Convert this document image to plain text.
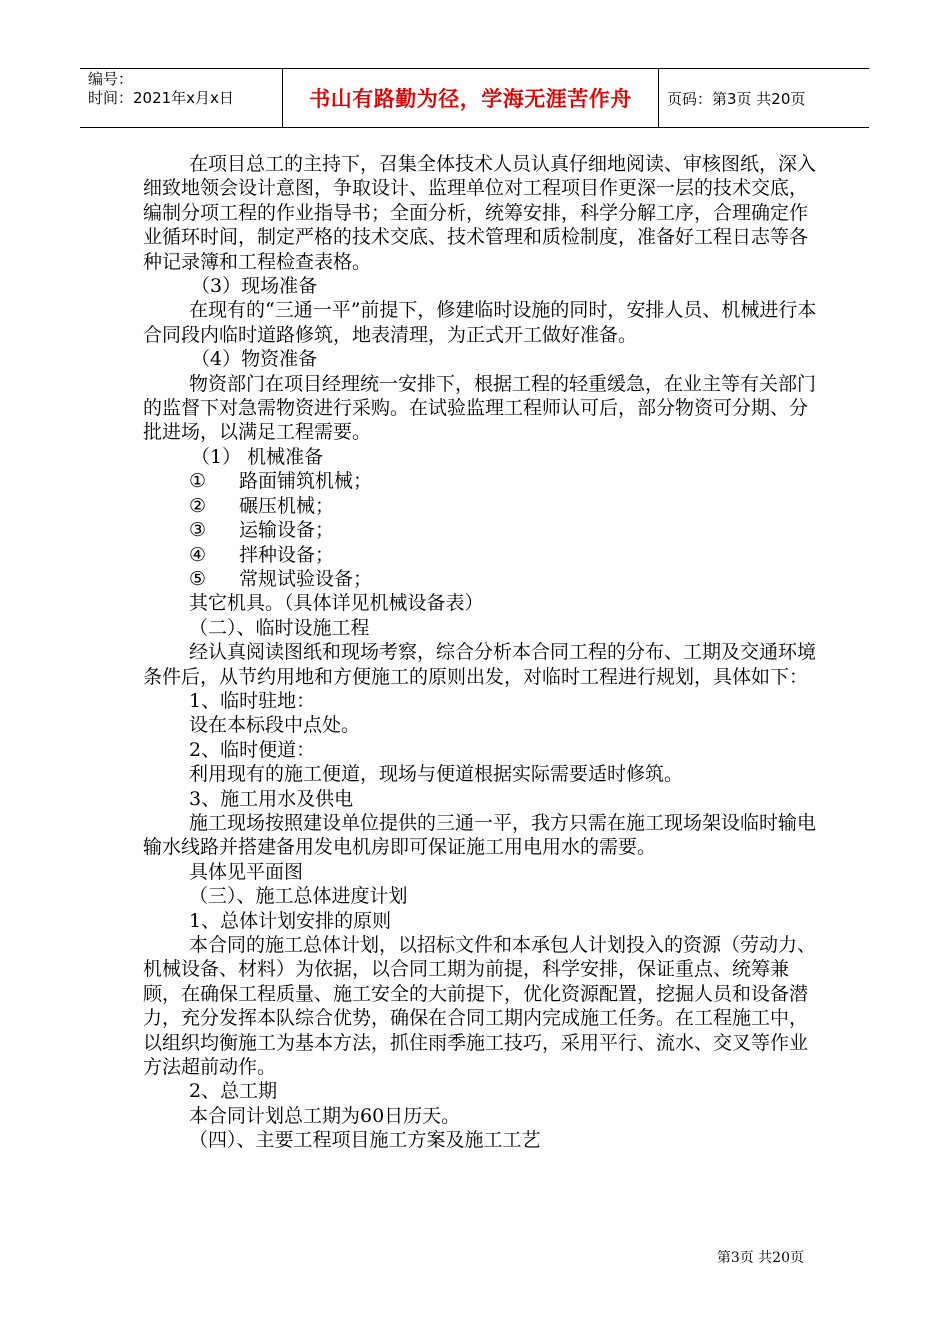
编号：
时间：2021年x月x日	书山有路勤为径，学海无涯苦作舟	页码：第3页 共20页

在项目总工的主持下，召集全体技术人员认真仔细地阅读、审核图纸，深入细致地领会设计意图，争取设计、监理单位对工程项目作更深一层的技术交底，编制分项工程的作业指导书；全面分析，统筹安排，科学分解工序，合理确定作业循环时间，制定严格的技术交底、技术管理和质检制度，准备好工程日志等各种记录簿和工程检查表格。

（3）现场准备

在现有的“三通一平”前提下，修建临时设施的同时，安排人员、机械进行本合同段内临时道路修筑，地表清理，为正式开工做好准备。

（4）物资准备

物资部门在项目经理统一安排下，根据工程的轻重缓急，在业主等有关部门的监督下对急需物资进行采购。在试验监理工程师认可后，部分物资可分期、分批进场，以满足工程需要。

（1） 机械准备

① 路面铺筑机械；

② 碾压机械；

③ 运输设备；

④ 拌种设备；

⑤ 常规试验设备；

其它机具。（具体详见机械设备表）

（二）、临时设施工程

经认真阅读图纸和现场考察，综合分析本合同工程的分布、工期及交通环境条件后，从节约用地和方便施工的原则出发，对临时工程进行规划，具体如下：

1、临时驻地：

设在本标段中点处。

2、临时便道：

利用现有的施工便道，现场与便道根据实际需要适时修筑。

3、施工用水及供电

施工现场按照建设单位提供的三通一平，我方只需在施工现场架设临时输电输水线路并搭建备用发电机房即可保证施工用电用水的需要。

具体见平面图

（三）、施工总体进度计划

1、总体计划安排的原则

本合同的施工总体计划，以招标文件和本承包人计划投入的资源（劳动力、机械设备、材料）为依据，以合同工期为前提，科学安排，保证重点、统筹兼顾，在确保工程质量、施工安全的大前提下，优化资源配置，挖掘人员和设备潜力，充分发挥本队综合优势，确保在合同工期内完成施工任务。在工程施工中，以组织均衡施工为基本方法，抓住雨季施工技巧，采用平行、流水、交叉等作业方法超前动作。

2、总工期

本合同计划总工期为60日历天。

（四）、主要工程项目施工方案及施工工艺

第3页 共20页
